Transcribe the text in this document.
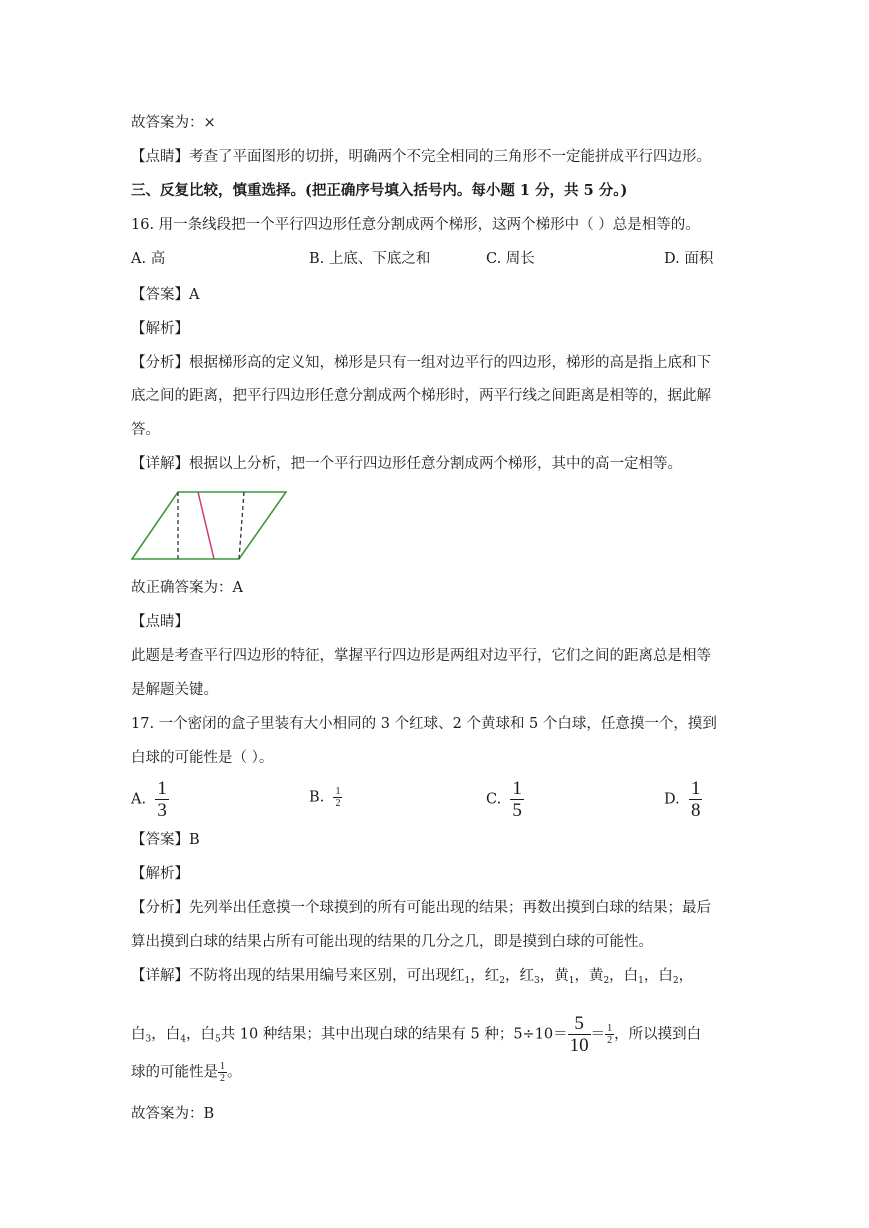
故答案为：×
【点睛】考查了平面图形的切拼，明确两个不完全相同的三角形不一定能拼成平行四边形。
三、反复比较，慎重选择。(把正确序号填入括号内。每小题 1 分，共 5 分。)
16. 用一条线段把一个平行四边形任意分割成两个梯形，这两个梯形中（ ）总是相等的。
A. 高	B. 上底、下底之和	C. 周长	D. 面积
【答案】A
【解析】
【分析】根据梯形高的定义知，梯形是只有一组对边平行的四边形，梯形的高是指上底和下
底之间的距离，把平行四边形任意分割成两个梯形时，两平行线之间距离是相等的，据此解
答。
【详解】根据以上分析，把一个平行四边形任意分割成两个梯形，其中的高一定相等。
故正确答案为：A
【点睛】
此题是考查平行四边形的特征，掌握平行四边形是两组对边平行，它们之间的距离总是相等
是解题关键。
17. 一个密闭的盒子里装有大小相同的 3 个红球、2 个黄球和 5 个白球，任意摸一个，摸到
白球的可能性是（ ）。
A. $\frac{1}{3}$	B. $\frac{1}{2}$	C. $\frac{1}{5}$	D. $\frac{1}{8}$
【答案】B
【解析】
【分析】先列举出任意摸一个球摸到的所有可能出现的结果；再数出摸到白球的结果；最后
算出摸到白球的结果占所有可能出现的结果的几分之几，即是摸到白球的可能性。
【详解】不防将出现的结果用编号来区别，可出现红$_1$，红$_2$，红$_3$，黄$_1$，黄$_2$，白$_1$，白$_2$，
白$_3$，白$_4$，白$_5$共 10 种结果；其中出现白球的结果有 5 种；$5\div 10= \frac{5}{10} = \frac{1}{2}$ ，所以摸到白
球的可能性是 $\frac{1}{2}$ 。
故答案为：B
